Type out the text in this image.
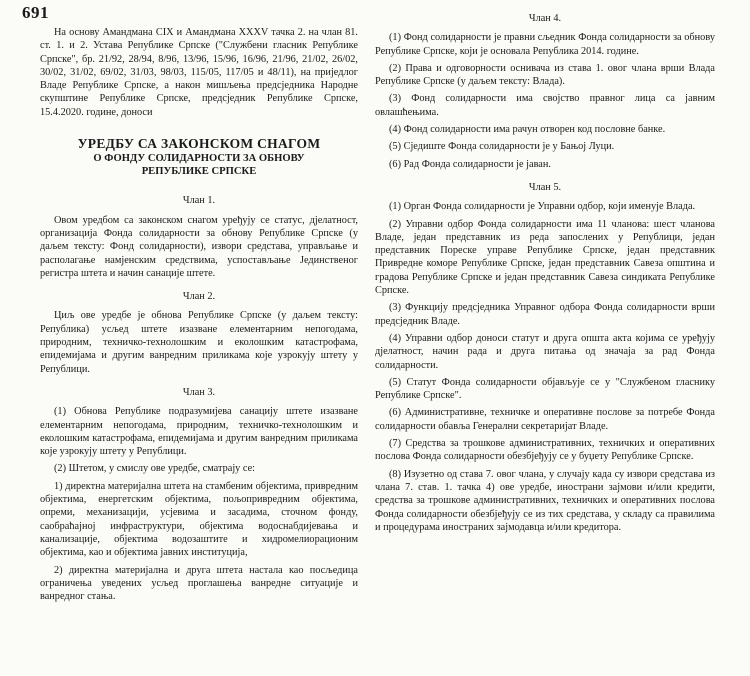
691

На основу Амандмана CIX и Амандмана XXXV тачка 2. на члан 81. ст. 1. и 2. Устава Републике Српске ("Службени гласник Републике Српске", бр. 21/92, 28/94, 8/96, 13/96, 15/96, 16/96, 21/96, 21/02, 26/02, 30/02, 31/02, 69/02, 31/03, 98/03, 115/05, 117/05 и 48/11), на приједлог Владе Републике Српске, а након мишљења предсједника Народне скупштине Републике Српске, предсједник Републике Српске, 15.4.2020. године, доноси

УРЕДБУ СА ЗАКОНСКОМ СНАГОМ

О ФОНДУ СОЛИДАРНОСТИ ЗА ОБНОВУ
РЕПУБЛИКЕ СРПСКЕ

Члан 1.

Овом уредбом са законском снагом уређују се статус, дјелатност, организација Фонда солидарности за обнову Републике Српске (у даљем тексту: Фонд солидарности), извори средстава, управљање и располагање намјенским средствима, успостављање Јединственог регистра штета и начин санације штете.

Члан 2.

Циљ ове уредбе је обнова Републике Српске (у даљем тексту: Република) усљед штете изазване елементарним непогодама, природним, техничко-технолошким и еколошким катастрофама, епидемијама и другим ванредним приликама које узрокују штету у Републици.

Члан 3.

(1) Обнова Републике подразумијева санацију штете изазване елементарним непогодама, природним, техничко-технолошким и еколошким катастрофама, епидемијама и другим ванредним приликама које узрокују штету у Републици.

(2) Штетом, у смислу ове уредбе, сматрају се:

1) директна материјална штета на стамбеним објектима, привредним објектима, енергетским објектима, пољопривредним објектима, опреми, механизацији, усјевима и засадима, сточном фонду, саобраћајној инфраструктури, објектима водоснабдијевања и канализације, објектима водозаштите и хидромелиорационим објектима, као и објектима јавних институција,

2) директна материјална и друга штета настала као посљедица ограничења уведених усљед проглашења ванредне ситуације и ванредног стања.

Члан 4.

(1) Фонд солидарности је правни сљедник Фонда солидарности за обнову Републике Српске, који је основала Република 2014. године.

(2) Права и одговорности оснивача из става 1. овог члана врши Влада Републике Српске (у даљем тексту: Влада).

(3) Фонд солидарности има својство правног лица са јавним овлашћењима.

(4) Фонд солидарности има рачун отворен код пословне банке.

(5) Сједиште Фонда солидарности је у Бањој Луци.

(6) Рад Фонда солидарности је јаван.

Члан 5.

(1) Орган Фонда солидарности је Управни одбор, који именује Влада.

(2) Управни одбор Фонда солидарности има 11 чланова: шест чланова Владе, један представник из реда запослених у Републици, један представник Пореске управе Републике Српске, један представник Привредне коморе Републике Српске, један представник Савеза општина и градова Републике Српске и један представник Савеза синдиката Републике Српске.

(3) Функцију предсједника Управног одбора Фонда солидарности врши предсједник Владе.

(4) Управни одбор доноси статут и друга општа акта којима се уређују дјелатност, начин рада и друга питања од значаја за рад Фонда солидарности.

(5) Статут Фонда солидарности објављује се у "Службеном гласнику Републике Српске".

(6) Административне, техничке и оперативне послове за потребе Фонда солидарности обавља Генерални секретаријат Владе.

(7) Средства за трошкове административних, техничких и оперативних послова Фонда солидарности обезбјеђују се у буџету Републике Српске.

(8) Изузетно од става 7. овог члана, у случају када су извори средстава из члана 7. став. 1. тачка 4) ове уредбе, инострани зајмови и/или кредити, средства за трошкове административних, техничких и оперативних послова Фонда солидарности обезбјеђују се из тих средстава, у складу са правилима и процедурама иностраних зајмодавца и/или кредитора.
